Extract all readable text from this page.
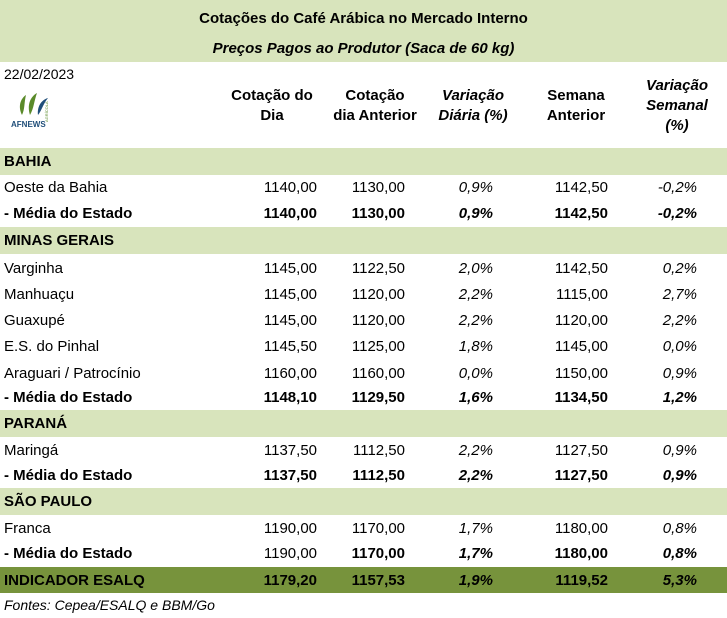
Cotações do Café Arábica no Mercado Interno
Preços Pagos ao Produtor (Saca de 60 kg)
22/02/2023
AFNEWS
AGRÍCOLA
Cotação do
Dia
Cotação
dia Anterior
Variação
Diária (%)
Semana
Anterior
Variação
Semanal
(%)
BAHIA
Oeste da Bahia	1140,00 1130,00	0,9%	1142,50	-0,2%
- Média do Estado	1140,00 1130,00	0,9%	1142,50	-0,2%
MINAS GERAIS
Varginha	1145,00 1122,50	2,0%	1142,50	0,2%
Manhuaçu	1145,00 1120,00	2,2%	1115,00	2,7%
Guaxupé	1145,00 1120,00	2,2%	1120,00	2,2%
E.S. do Pinhal	1145,50 1125,00	1,8%	1145,00	0,0%
Araguari / Patrocínio	1160,00 1160,00	0,0%	1150,00	0,9%
- Média do Estado	1148,10 1129,50	1,6%	1134,50	1,2%
PARANÁ
Maringá	1137,50 1112,50	2,2%	1127,50	0,9%
- Média do Estado	1137,50 1112,50	2,2%	1127,50	0,9%
SÃO PAULO
Franca	1190,00 1170,00	1,7%	1180,00	0,8%
- Média do Estado	1190,00 1170,00	1,7%	1180,00	0,8%
INDICADOR ESALQ	1179,20 1157,53	1,9%	1119,52	5,3%
Fontes: Cepea/ESALQ e BBM/Go
